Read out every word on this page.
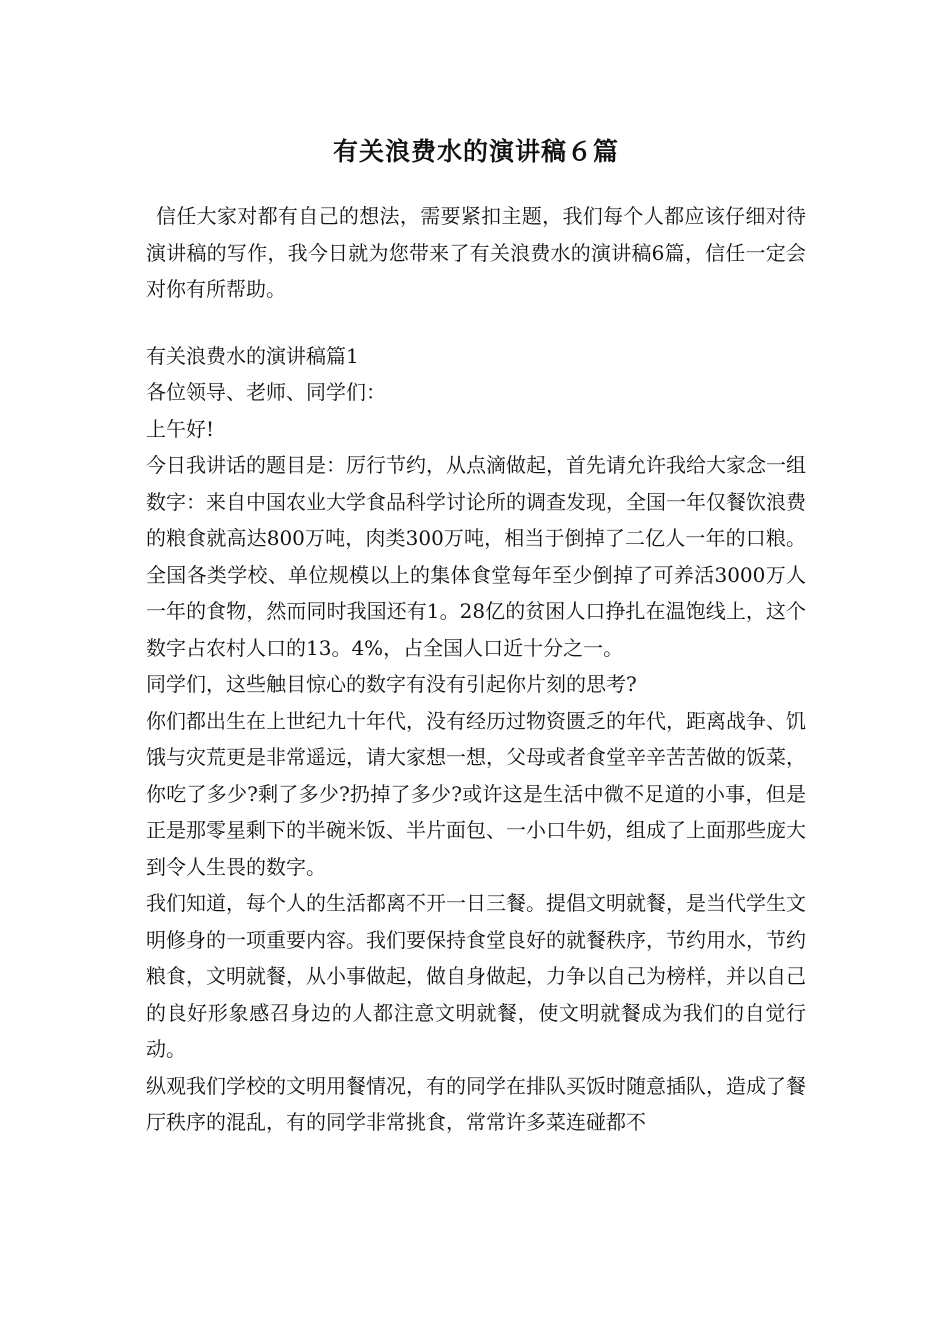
有关浪费水的演讲稿６篇

信任大家对都有自己的想法，需要紧扣主题，我们每个人都应该仔细对待演讲稿的写作，我今日就为您带来了有关浪费水的演讲稿6篇，信任一定会对你有所帮助。

有关浪费水的演讲稿篇1

各位领导、老师、同学们：

上午好!

今日我讲话的题目是：厉行节约，从点滴做起，首先请允许我给大家念一组数字：来自中国农业大学食品科学讨论所的调查发现，全国一年仅餐饮浪费的粮食就高达800万吨，肉类300万吨，相当于倒掉了二亿人一年的口粮。全国各类学校、单位规模以上的集体食堂每年至少倒掉了可养活3000万人一年的食物，然而同时我国还有1。28亿的贫困人口挣扎在温饱线上，这个数字占农村人口的13。4%，占全国人口近十分之一。

同学们，这些触目惊心的数字有没有引起你片刻的思考?

你们都出生在上世纪九十年代，没有经历过物资匮乏的年代，距离战争、饥饿与灾荒更是非常遥远，请大家想一想，父母或者食堂辛辛苦苦做的饭菜，你吃了多少?剩了多少?扔掉了多少?或许这是生活中微不足道的小事，但是正是那零星剩下的半碗米饭、半片面包、一小口牛奶，组成了上面那些庞大到令人生畏的数字。

我们知道，每个人的生活都离不开一日三餐。提倡文明就餐，是当代学生文明修身的一项重要内容。我们要保持食堂良好的就餐秩序，节约用水，节约粮食，文明就餐，从小事做起，做自身做起，力争以自己为榜样，并以自己的良好形象感召身边的人都注意文明就餐，使文明就餐成为我们的自觉行动。

纵观我们学校的文明用餐情况，有的同学在排队买饭时随意插队，造成了餐厅秩序的混乱，有的同学非常挑食，常常许多菜连碰都不
